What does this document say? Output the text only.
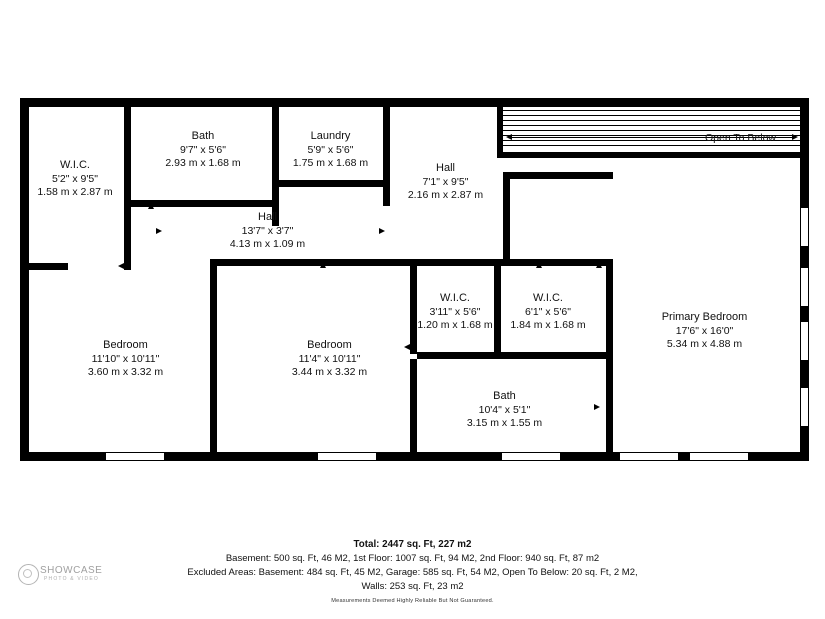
Open To Below
W.I.C.
5'2" x 9'5"
1.58 m x 2.87 m
Bath
9'7" x 5'6"
2.93 m x 1.68 m
Laundry
5'9" x 5'6"
1.75 m x 1.68 m	Hall
7'1" x 9'5"
2.16 m x 2.87 m
Hall
13'7" x 3'7"
4.13 m x 1.09 m
Bedroom
11'10" x 10'11"
3.60 m x 3.32 m
Bedroom
11'4" x 10'11"
3.44 m x 3.32 m
W.I.C.
3'11" x 5'6"
1.20 m x 1.68 m
W.I.C.
6'1" x 5'6"
1.84 m x 1.68 m
Bath
10'4" x 5'1"
3.15 m x 1.55 m
Primary Bedroom
17'6" x 16'0"
5.34 m x 4.88 m
Total: 2447 sq. Ft, 227 m2
Basement: 500 sq. Ft, 46 M2, 1st Floor: 1007 sq. Ft, 94 M2, 2nd Floor: 940 sq. Ft, 87 m2
Excluded Areas: Basement: 484 sq. Ft, 45 M2, Garage: 585 sq. Ft, 54 M2, Open To Below: 20 sq. Ft, 2 M2,
Walls: 253 sq. Ft, 23 m2
Measurements Deemed Highly Reliable But Not Guaranteed.
SHOWCASE
PHOTO & VIDEO
